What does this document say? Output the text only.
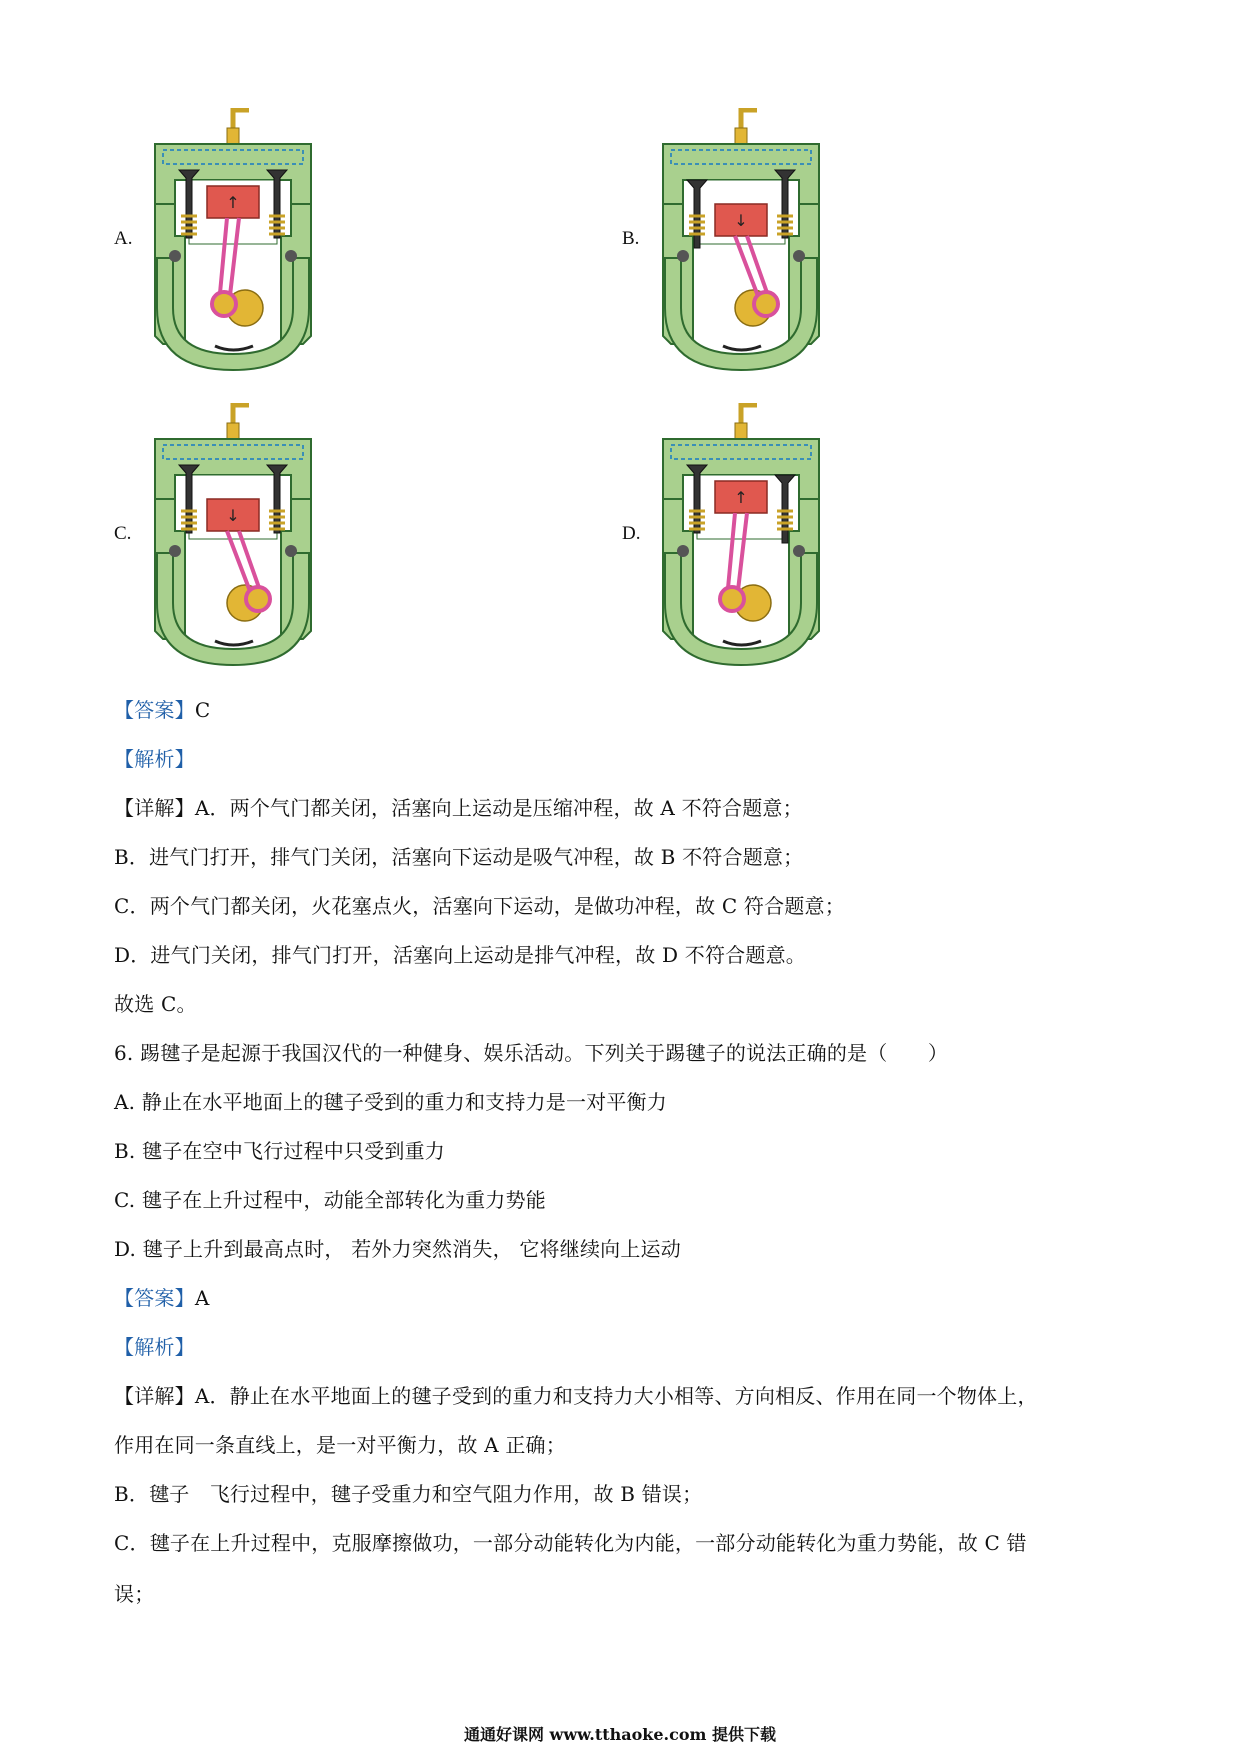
A.	B.
C.	D.
↑
↓
↓
↑
【答案】C
【解析】
【详解】A．两个气门都关闭，活塞向上运动是压缩冲程，故 A 不符合题意；
B．进气门打开，排气门关闭，活塞向下运动是吸气冲程，故 B 不符合题意；
C．两个气门都关闭，火花塞点火，活塞向下运动，是做功冲程，故 C 符合题意；
D．进气门关闭，排气门打开，活塞向上运动是排气冲程，故 D 不符合题意。
故选 C。
6. 踢毽子是起源于我国汉代的一种健身、娱乐活动。下列关于踢毽子的说法正确的是（　　）
A. 静止在水平地面上的毽子受到的重力和支持力是一对平衡力
B. 毽子在空中飞行过程中只受到重力
C. 毽子在上升过程中，动能全部转化为重力势能
D. 毽子上升到最高点时， 若外力突然消失， 它将继续向上运动
【答案】A
【解析】
【详解】A．静止在水平地面上的毽子受到的重力和支持力大小相等、方向相反、作用在同一个物体上，
作用在同一条直线上，是一对平衡力，故 A 正确；
B．毽子　飞行过程中，毽子受重力和空气阻力作用，故 B 错误；
C．毽子在上升过程中，克服摩擦做功，一部分动能转化为内能，一部分动能转化为重力势能，故 C 错
误；
通通好课网 www.tthaoke.com 提供下载
